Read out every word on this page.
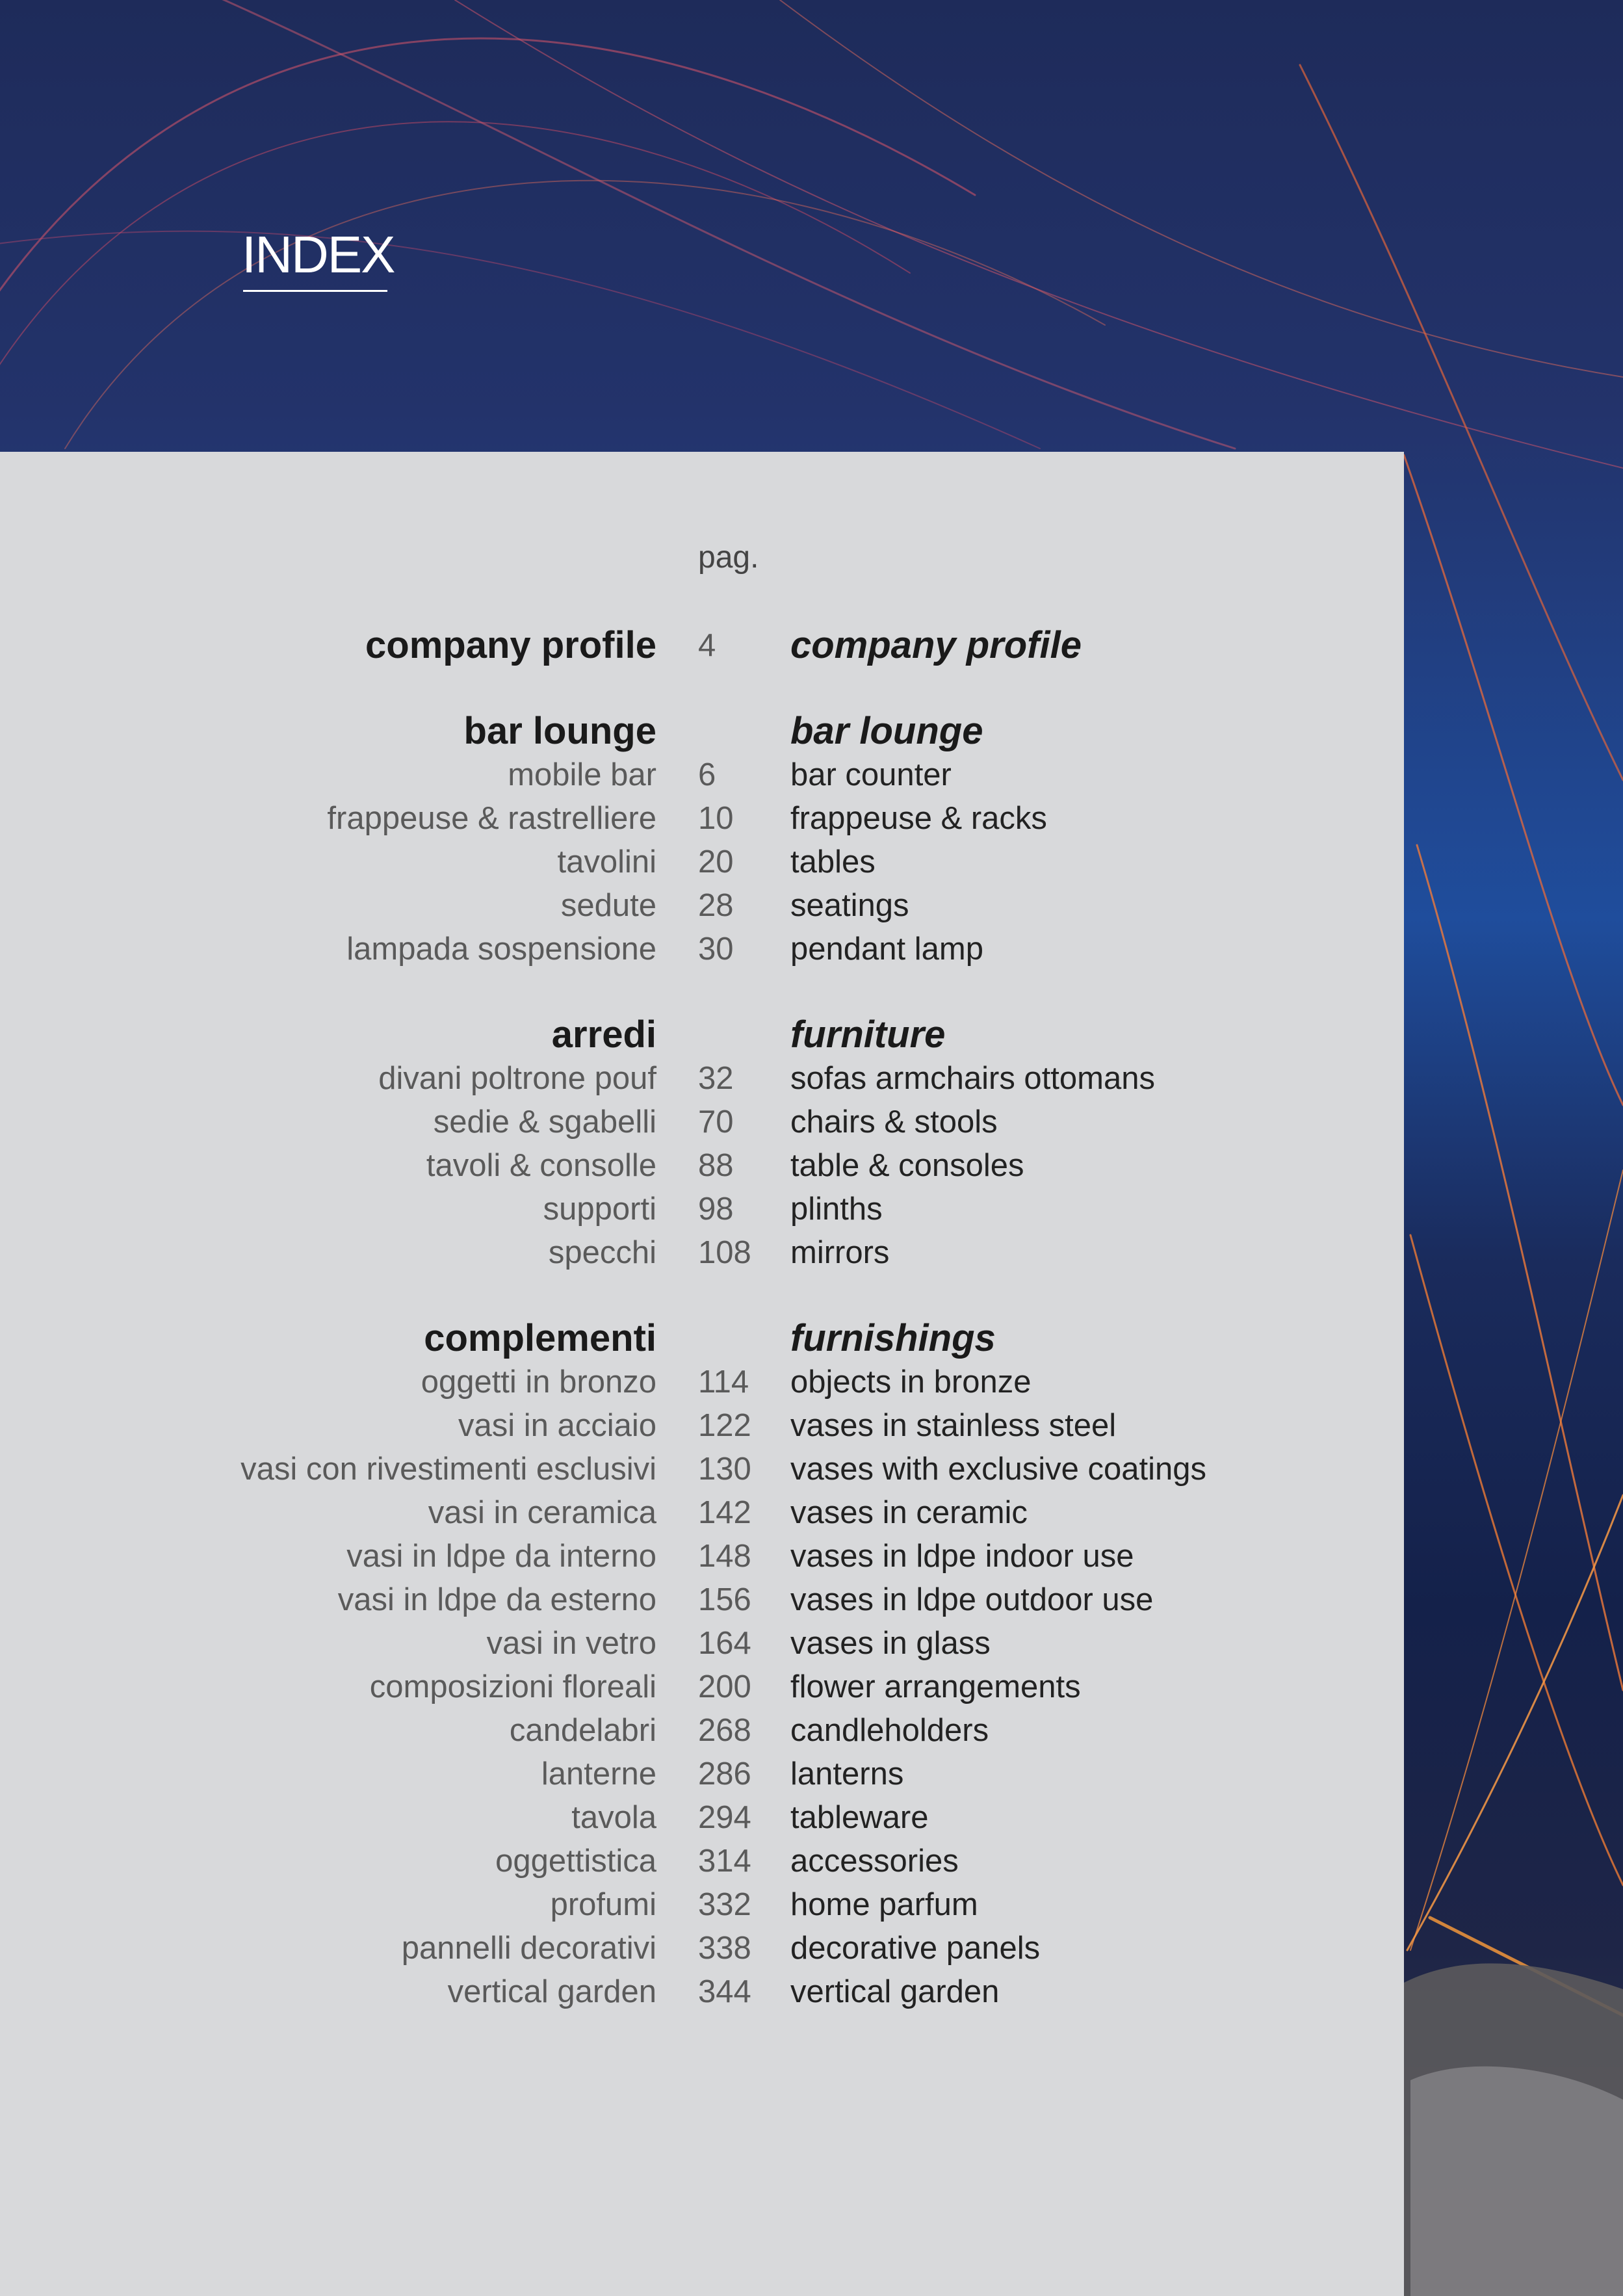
INDEX
pag.
company profile 4 company profile
bar lounge	bar lounge
mobile bar 6 bar counter
frappeuse & rastrelliere 10 frappeuse & racks
tavolini 20 tables
sedute 28 seatings
lampada sospensione 30 pendant lamp
arredi	furniture
divani poltrone pouf 32 sofas armchairs ottomans
sedie & sgabelli 70 chairs & stools
tavoli & consolle 88 table & consoles
supporti 98 plinths
specchi 108 mirrors
complementi	furnishings
oggetti in bronzo 114 objects in bronze
vasi in acciaio 122 vases in stainless steel
vasi con rivestimenti esclusivi 130 vases with exclusive coatings
vasi in ceramica 142 vases in ceramic
vasi in ldpe da interno 148 vases in ldpe indoor use
vasi in ldpe da esterno 156 vases in ldpe outdoor use
vasi in vetro 164 vases in glass
composizioni floreali 200 flower arrangements
candelabri 268 candleholders
lanterne 286 lanterns
tavola 294 tableware
oggettistica 314 accessories
profumi 332 home parfum
pannelli decorativi 338 decorative panels
vertical garden 344 vertical garden
